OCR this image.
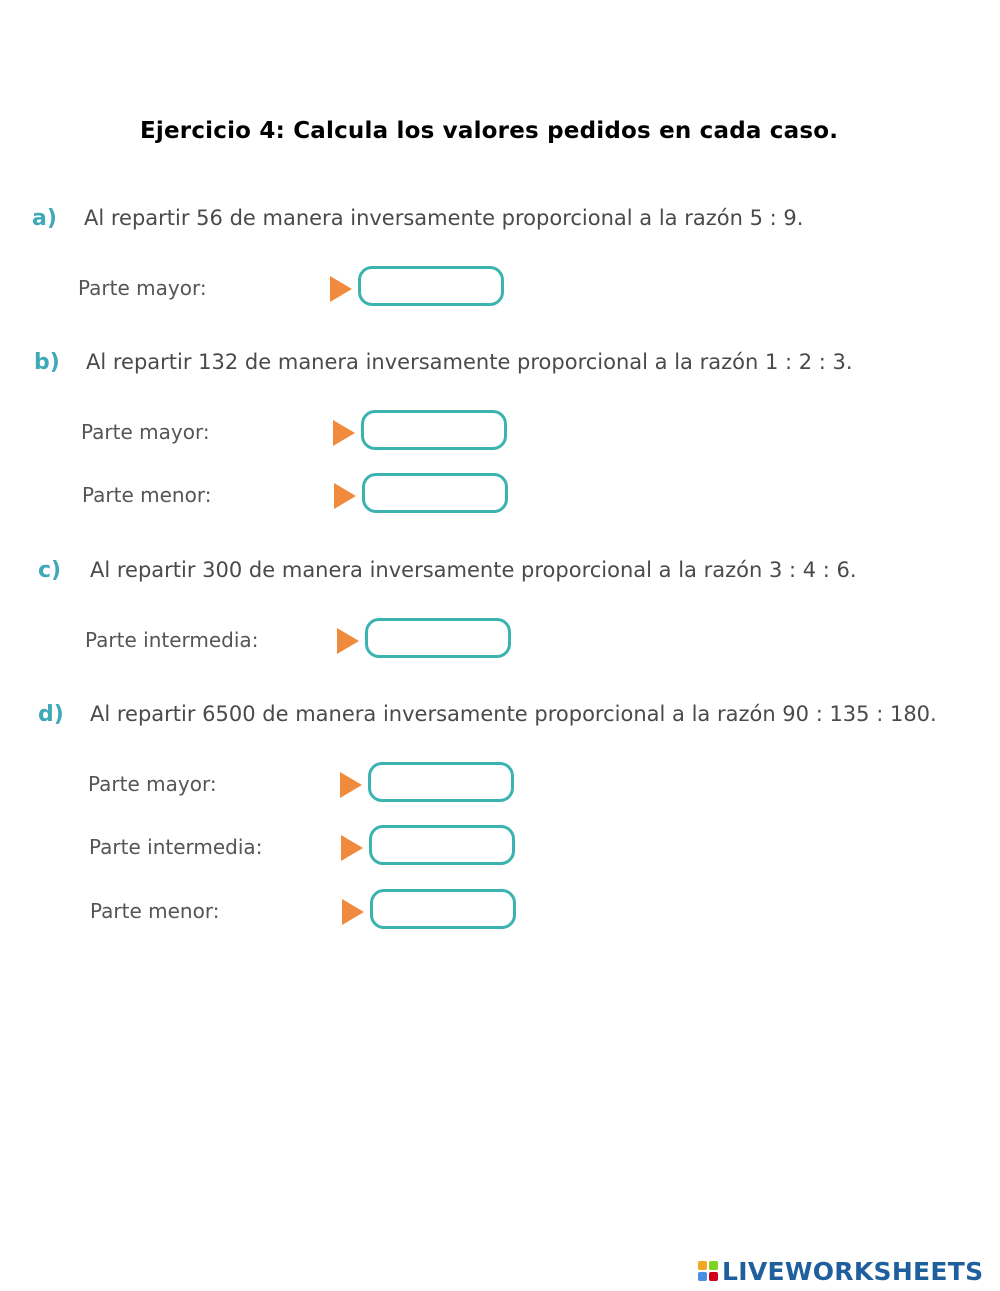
Ejercicio 4: Calcula los valores pedidos en cada caso.
a) Al repartir 56 de manera inversamente proporcional a la razón 5 : 9.
Parte mayor:
b) Al repartir 132 de manera inversamente proporcional a la razón 1 : 2 : 3.
Parte mayor:
Parte menor:
c) Al repartir 300 de manera inversamente proporcional a la razón 3 : 4 : 6.
Parte intermedia:
d) Al repartir 6500 de manera inversamente proporcional a la razón 90 : 135 : 180.
Parte mayor:
Parte intermedia:
Parte menor:
LIVEWORKSHEETS
